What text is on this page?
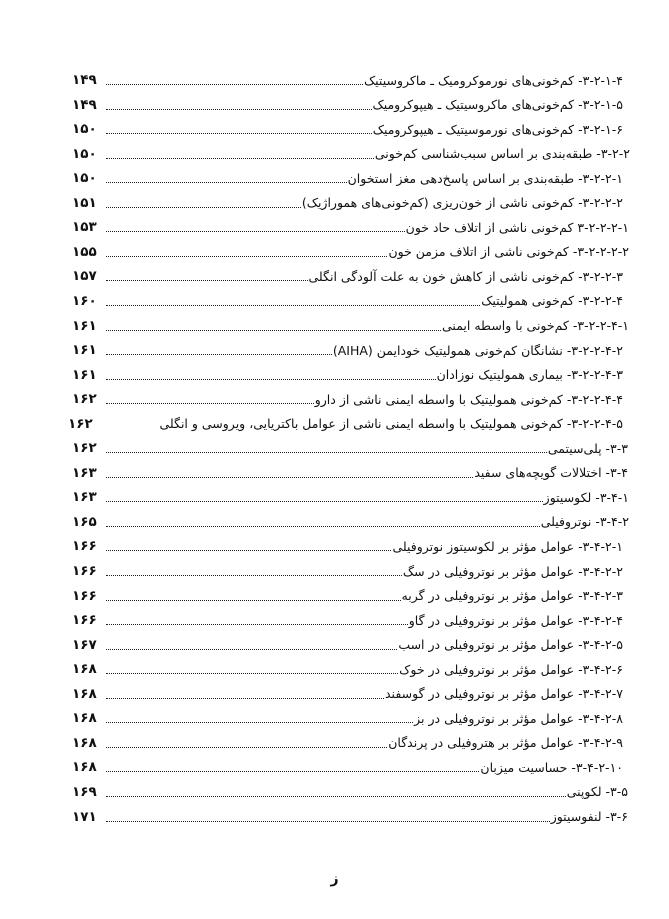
۳-۲-۱-۴- کم‌خونی‌های نورموکرومیک ـ ماکروسیتیک
۱۴۹
۳-۲-۱-۵- کم‌خونی‌های ماکروسیتیک ـ هیپوکرومیک
۱۴۹
۳-۲-۱-۶- کم‌خونی‌های نورموسیتیک ـ هیپوکرومیک
۱۵۰
۳-۲-۲- طبقه‌بندی بر اساس سبب‌شناسی کم‌خونی
۱۵۰
۳-۲-۲-۱- طبقه‌بندی بر اساس پاسخ‌دهی مغز استخوان
۱۵۰
۳-۲-۲-۲- کم‌خونی ناشی از خون‌ریزی (کم‌خونی‌های هموراژیک)
۱۵۱
۳-۲-۲-۲-۱ کم‌خونی ناشی از اتلاف حاد خون
۱۵۳
۳-۲-۲-۲-۲- کم‌خونی ناشی از اتلاف مزمن خون
۱۵۵
۳-۲-۲-۳- کم‌خونی ناشی از کاهش خون به علت آلودگی انگلی
۱۵۷
۳-۲-۲-۴- کم‌خونی همولیتیک
۱۶۰
۳-۲-۲-۴-۱- کم‌خونی با واسطه ایمنی
۱۶۱
۳-۲-۲-۴-۲- نشانگان کم‌خونی همولیتیک خودایمن (AIHA)
۱۶۱
۳-۲-۲-۴-۳- بیماری همولیتیک نوزادان
۱۶۱
۳-۲-۲-۴-۴- کم‌خونی همولیتیک با واسطه ایمنی ناشی از دارو
۱۶۲
۳-۲-۲-۴-۵- کم‌خونی همولیتیک با واسطه ایمنی ناشی از عوامل باکتریایی، ویروسی و انگلی
۱۶۲
۳-۳- پلی‌سیتمی
۱۶۲
۳-۴- اختلالات گویچه‌های سفید
۱۶۳
۳-۴-۱- لکوسیتوز
۱۶۳
۳-۴-۲- نوتروفیلی
۱۶۵
۳-۴-۲-۱- عوامل مؤثر بر لکوسیتوز نوتروفیلی
۱۶۶
۳-۴-۲-۲- عوامل مؤثر بر نوتروفیلی در سگ
۱۶۶
۳-۴-۲-۳- عوامل مؤثر بر نوتروفیلی در گربه
۱۶۶
۳-۴-۲-۴- عوامل مؤثر بر نوتروفیلی در گاو
۱۶۶
۳-۴-۲-۵- عوامل مؤثر بر نوتروفیلی در اسب
۱۶۷
۳-۴-۲-۶- عوامل مؤثر بر نوتروفیلی در خوک
۱۶۸
۳-۴-۲-۷- عوامل مؤثر بر نوتروفیلی در گوسفند
۱۶۸
۳-۴-۲-۸- عوامل مؤثر بر نوتروفیلی در بز
۱۶۸
۳-۴-۲-۹- عوامل مؤثر بر هتروفیلی در پرندگان
۱۶۸
۳-۴-۲-۱۰- حساسیت میزبان
۱۶۸
۳-۵- لکوپنی
۱۶۹
۳-۶- لنفوسیتوز
۱۷۱
ز
